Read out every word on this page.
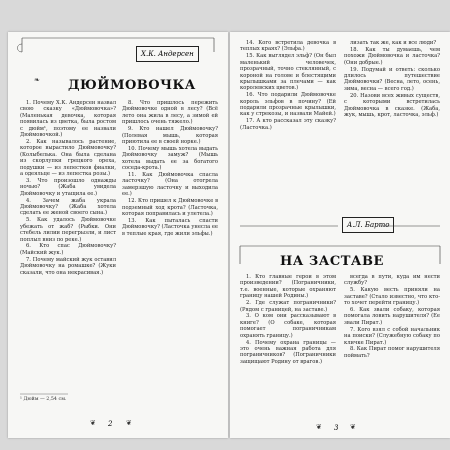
Х.К. Андерсен
ДЮЙМОВОЧКА
❧

1. Почему Х.К. Андерсен назвал свою сказку «Дюймовочка»? (Маленькая девочка, которая появилась из цветка, была ростом с дюйм¹, поэтому ее назвали Дюймовочкой.)

2. Как называлось растение, которое вырастило Дюймовочку? (Колыбелька. Она была сделана из скорлупки грецкого ореха, подушки — из лепестков фиалки, а одеяльце — из лепестка розы.)

3. Что произошло однажды ночью? (Жаба увидела Дюймовочку и утащила ее.)

4. Зачем жаба украла Дюймовочку? (Жаба хотела сделать ее женой своего сына.)

5. Как удалось Дюймовочке убежать от жаб? (Рыбки. Они стебель лилии перегрызли, и лист поплыл вниз по реке.)

6. Кто спас Дюймовочку? (Майский жук.)

7. Почему майский жук оставил Дюймовочку на ромашке? (Жуки сказали, что она некрасивая.)

8. Что пришлось пережить Дюймовочке одной в лесу? (Всё лето она жила в лесу, а зимой ей пришлось очень тяжело.)

9. Кто нашел Дюймовочку? (Полевая мышь, которая приютила ее в своей норке.)

10. Почему мышь хотела выдать Дюймовочку замуж? (Мышь хотела выдать ее за богатого соседа-крота.)

11. Как Дюймовочка спасла ласточку? (Она отогрела замерзшую ласточку и выходила ее.)

12. Кто пришел к Дюймовочке в подземный ход крота? (Ласточка, которая поправилась и улетела.)

13. Как пыталась спасти Дюймовочку? (Ласточка унесла ее в теплые края, где жили эльфы.)

¹ Дюйм — 2,54 см.
2
❦	❦

14. Кого встретила девочка в теплых краях? (Эльфа.)

15. Как выглядел эльф? (Он был маленький человечек, прозрачный, точно стеклянный, с короной на голове и блестящими крылышками за плечами — как королевских цветов.)

16. Что подарили Дюймовочке король эльфов в почину? (Ей подарили прозрачные крылышки, как у стрекозы, и назвали Майей.)

17. А кто рассказал эту сказку? (Ласточка.)

лизать так же, как и все люди?

18. Как ты думаешь, чем похожи Дюймовочка и ласточка? (Они добрые.)

19. Подумай и ответь: сколько длилось путешествие Дюймовочки? (Весна, лето, осень, зима, весна — всего год.)

20. Назови всех живых существ, с которыми встретилась Дюймовочка в сказке. (Жаба, жук, мышь, крот, ласточка, эльф.)

А.Л. Барто
НА ЗАСТАВЕ

1. Кто главные герои в этом произведении? (Пограничники, т.е. военные, которые охраняют границу нашей Родины.)

2. Где служат пограничники? (Рядом с границей, на заставе.)

3. О ком они рассказывают в книге? (О собаке, которая помогает пограничникам охранять границу.)

4. Почему охрана границы — это очень важная работа для пограничников? (Пограничники защищают Родину от врагов.)

всегда в пути, куда им нести службу?

5. Какую весть приняли на заставе? (Стало известно, что кто-то хочет перейти границу.)

6. Как звали собаку, которая помогала ловить нарушителя? (Ее звали Пират.)

7. Кого взял с собой начальник на поиски? (Служебную собаку по кличке Пират.)

8. Как Пират помог нарушителя поймать?

3
❦	❦
